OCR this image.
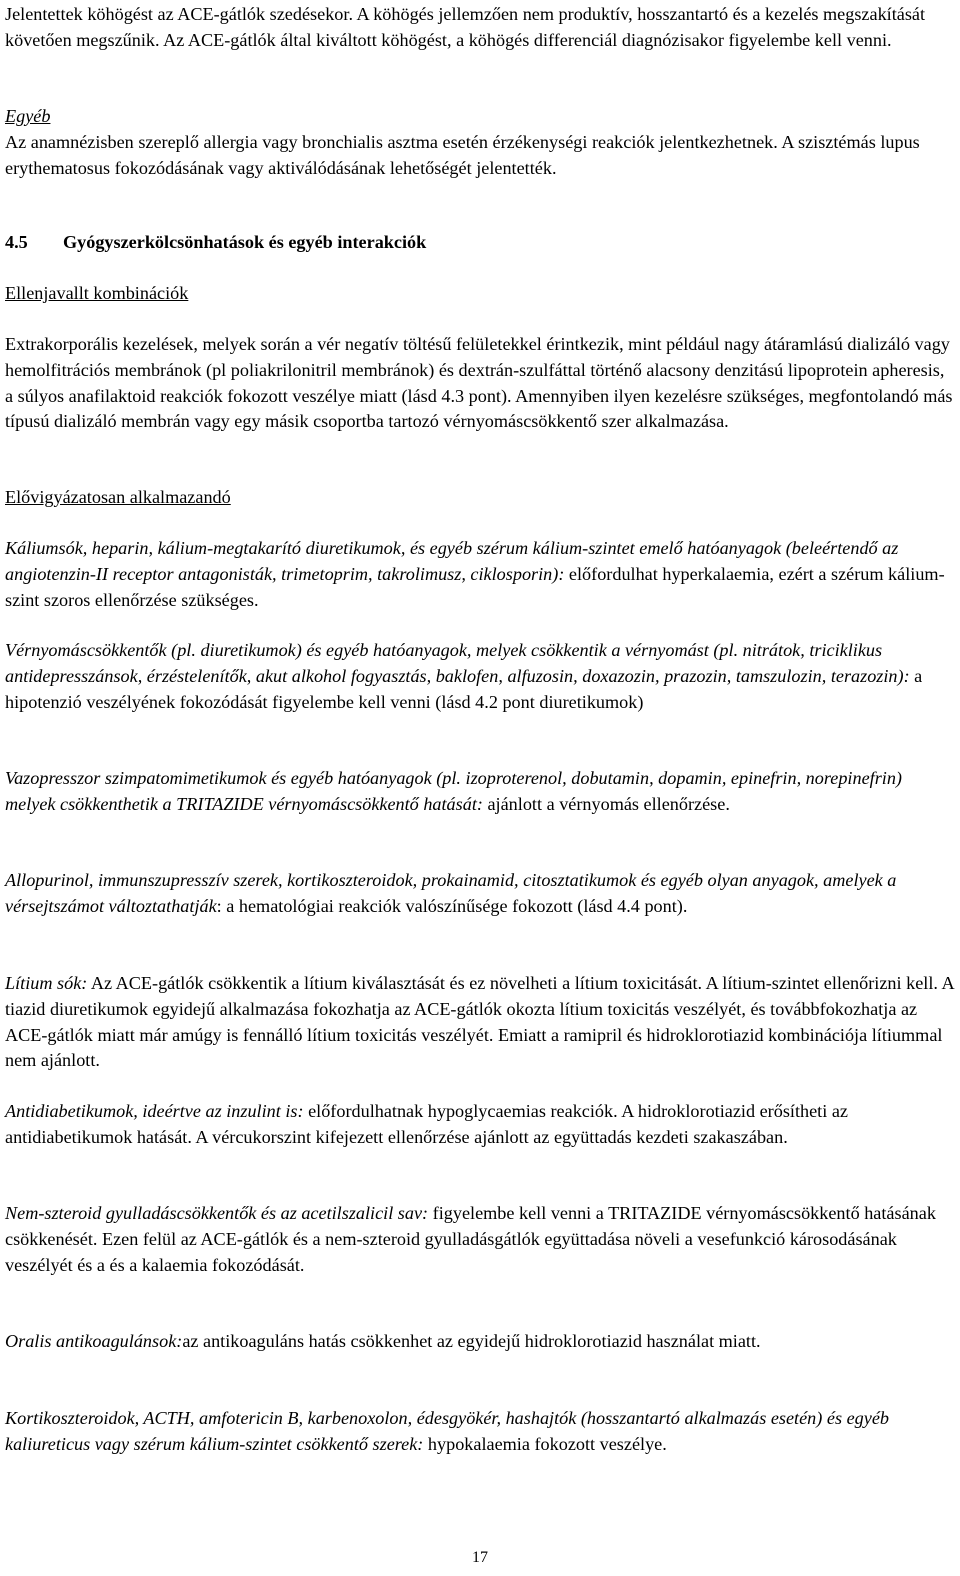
Jelentettek köhögést az ACE-gátlók szedésekor. A köhögés jellemzően nem produktív, hosszantartó és a kezelés megszakítását követően megszűnik. Az ACE-gátlók által kiváltott köhögést, a köhögés differenciál diagnózisakor figyelembe kell venni.

Egyéb

Az anamnézisben szereplő allergia vagy bronchialis asztma esetén érzékenységi reakciók jelentkezhetnek. A szisztémás lupus erythematosus fokozódásának vagy aktiválódásának lehetőségét jelentették.

4.5 Gyógyszerkölcsönhatások és egyéb interakciók

Ellenjavallt kombinációk

Extrakorporális kezelések, melyek során a vér negatív töltésű felületekkel érintkezik, mint például nagy átáramlású dializáló vagy hemolfitrációs membránok (pl poliakrilonitril membránok) és dextrán-szulfáttal történő alacsony denzitású lipoprotein apheresis, a súlyos anafilaktoid reakciók fokozott veszélye miatt (lásd 4.3 pont). Amennyiben ilyen kezelésre szükséges, megfontolandó más típusú dializáló membrán vagy egy másik csoportba tartozó vérnyomáscsökkentő szer alkalmazása.

Elővigyázatosan alkalmazandó

Káliumsók, heparin, kálium-megtakarító diuretikumok, és egyéb szérum kálium-szintet emelő hatóanyagok (beleértendő az angiotenzin-II receptor antagonisták, trimetoprim, takrolimusz, ciklosporin): előfordulhat hyperkalaemia, ezért a szérum kálium-szint szoros ellenőrzése szükséges.

Vérnyomáscsökkentők (pl. diuretikumok) és egyéb hatóanyagok, melyek csökkentik a vérnyomást (pl. nitrátok, triciklikus antidepresszánsok, érzéstelenítők, akut alkohol fogyasztás, baklofen, alfuzosin, doxazozin, prazozin, tamszulozin, terazozin): a hipotenzió veszélyének fokozódását figyelembe kell venni (lásd 4.2 pont diuretikumok)

Vazopresszor szimpatomimetikumok és egyéb hatóanyagok (pl. izoproterenol, dobutamin, dopamin, epinefrin, norepinefrin) melyek csökkenthetik a TRITAZIDE vérnyomáscsökkentő hatását: ajánlott a vérnyomás ellenőrzése.

Allopurinol, immunszupresszív szerek, kortikoszteroidok, prokainamid, citosztatikumok és egyéb olyan anyagok, amelyek a vérsejtszámot változtathatják: a hematológiai reakciók valószínűsége fokozott (lásd 4.4 pont).

Lítium sók: Az ACE-gátlók csökkentik a lítium kiválasztását és ez növelheti a lítium toxicitását. A lítium-szintet ellenőrizni kell. A tiazid diuretikumok egyidejű alkalmazása fokozhatja az ACE-gátlók okozta lítium toxicitás veszélyét, és továbbfokozhatja az ACE-gátlók miatt már amúgy is fennálló lítium toxicitás veszélyét. Emiatt a ramipril és hidroklorotiazid kombinációja lítiummal nem ajánlott.

Antidiabetikumok, ideértve az inzulint is: előfordulhatnak hypoglycaemias reakciók. A hidroklorotiazid erősítheti az antidiabetikumok hatását. A vércukorszint kifejezett ellenőrzése ajánlott az együttadás kezdeti szakaszában.

Nem-szteroid gyulladáscsökkentők és az acetilszalicil sav: figyelembe kell venni a TRITAZIDE vérnyomáscsökkentő hatásának csökkenését. Ezen felül az ACE-gátlók és a nem-szteroid gyulladásgátlók együttadása növeli a vesefunkció károsodásának veszélyét és a és a kalaemia fokozódását.

Oralis antikoagulánsok:az antikoaguláns hatás csökkenhet az egyidejű hidroklorotiazid használat miatt.

Kortikoszteroidok, ACTH, amfotericin B, karbenoxolon, édesgyökér, hashajtók (hosszantartó alkalmazás esetén) és egyéb kaliureticus vagy szérum kálium-szintet csökkentő szerek: hypokalaemia fokozott veszélye.

17
